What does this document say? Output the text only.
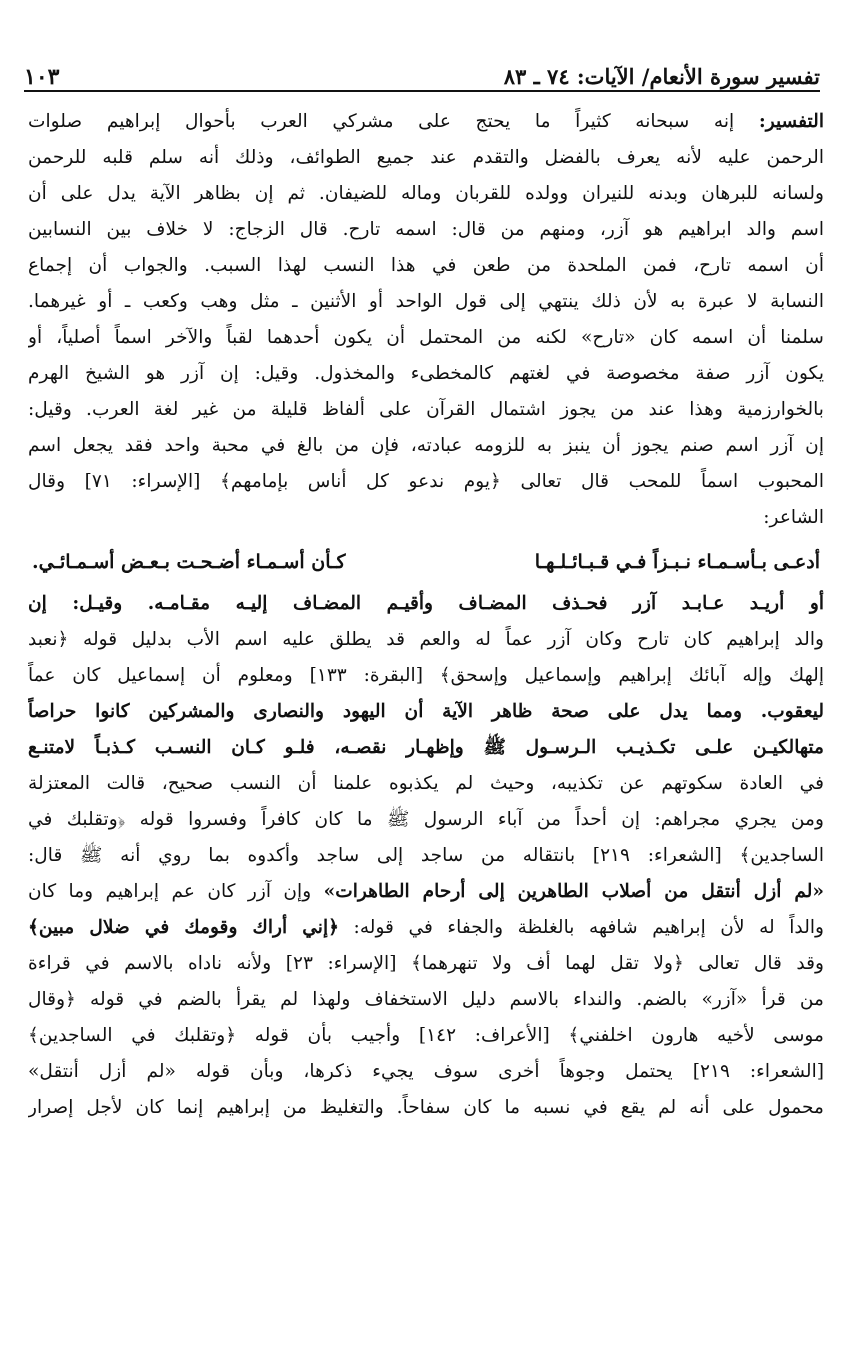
تفسير سورة الأنعام/ الآيات: ٧٤ ـ ٨٣
١٠٣
التفسير: إنه سبحانه كثيراً ما يحتج على مشركي العرب بأحوال إبراهيم صلوات
الرحمن عليه لأنه يعرف بالفضل والتقدم عند جميع الطوائف، وذلك أنه سلم قلبه للرحمن
ولسانه للبرهان وبدنه للنيران وولده للقربان وماله للضيفان. ثم إن بظاهر الآية يدل على أن
اسم والد ابراهيم هو آزر، ومنهم من قال: اسمه تارح. قال الزجاج: لا خلاف بين النسابين
أن اسمه تارح، فمن الملحدة من طعن في هذا النسب لهذا السبب. والجواب أن إجماع
النسابة لا عبرة به لأن ذلك ينتهي إلى قول الواحد أو الأثنين ـ مثل وهب وكعب ـ أو غيرهما.
سلمنا أن اسمه كان «تارح» لكنه من المحتمل أن يكون أحدهما لقباً والآخر اسماً أصلياً، أو
يكون آزر صفة مخصوصة في لغتهم كالمخطىء والمخذول. وقيل: إن آزر هو الشيخ الهرم
بالخوارزمية وهذا عند من يجوز اشتمال القرآن على ألفاظ قليلة من غير لغة العرب. وقيل:
إن آزر اسم صنم يجوز أن ينبز به للزومه عبادته، فإن من بالغ في محبة واحد فقد يجعل اسم
المحبوب اسماً للمحب قال تعالى ﴿يوم ندعو كل أناس بإمامهم﴾ [الإسراء: ٧١] وقال
الشاعر:
أدعـى بـأسـمـاء نـبـزاً فـي قـبـائـلـهـا
كـأن أسـمـاء أضـحـت بـعـض أسـمـائـي.
أو أريـد عـابـد آزر فحـذف المضـاف وأقيـم المضـاف إليـه مقـامـه. وقيـل: إن
والد إبراهيم كان تارح وكان آزر عماً له والعم قد يطلق عليه اسم الأب بدليل قوله ﴿نعبد
إلهك وإله آبائك إبراهيم وإسماعيل وإسحق﴾ [البقرة: ١٣٣] ومعلوم أن إسماعيل كان عماً
ليعقوب. ومما يدل على صحة ظاهر الآية أن اليهود والنصارى والمشركين كانوا حراصاً
متهالكيـن علـى تكـذيـب الـرسـول ﷺ وإظهـار نقصـه، فلـو كـان النسـب كـذبـاً لامتنـع
في العادة سكوتهم عن تكذيبه، وحيث لم يكذبوه علمنا أن النسب صحيح، قالت المعتزلة
ومن يجري مجراهم: إن أحداً من آباء الرسول ﷺ ما كان كافراً وفسروا قوله ﴿وتقلبك في
الساجدين﴾ [الشعراء: ٢١٩] بانتقاله من ساجد إلى ساجد وأكدوه بما روي أنه ﷺ قال:
«لم أزل أنتقل من أصلاب الطاهرين إلى أرحام الطاهرات» وإن آزر كان عم إبراهيم وما كان
والداً له لأن إبراهيم شافهه بالغلظة والجفاء في قوله: ﴿إني أراك وقومك في ضلال مبين﴾
وقد قال تعالى ﴿ولا تقل لهما أف ولا تنهرهما﴾ [الإسراء: ٢٣] ولأنه ناداه بالاسم في قراءة
من قرأ «آزر» بالضم. والنداء بالاسم دليل الاستخفاف ولهذا لم يقرأ بالضم في قوله ﴿وقال
موسى لأخيه هارون اخلفني﴾ [الأعراف: ١٤٢] وأجيب بأن قوله ﴿وتقلبك في الساجدين﴾
[الشعراء: ٢١٩] يحتمل وجوهاً أخرى سوف يجيء ذكرها، وبأن قوله «لم أزل أنتقل»
محمول على أنه لم يقع في نسبه ما كان سفاحاً. والتغليظ من إبراهيم إنما كان لأجل إصرار
